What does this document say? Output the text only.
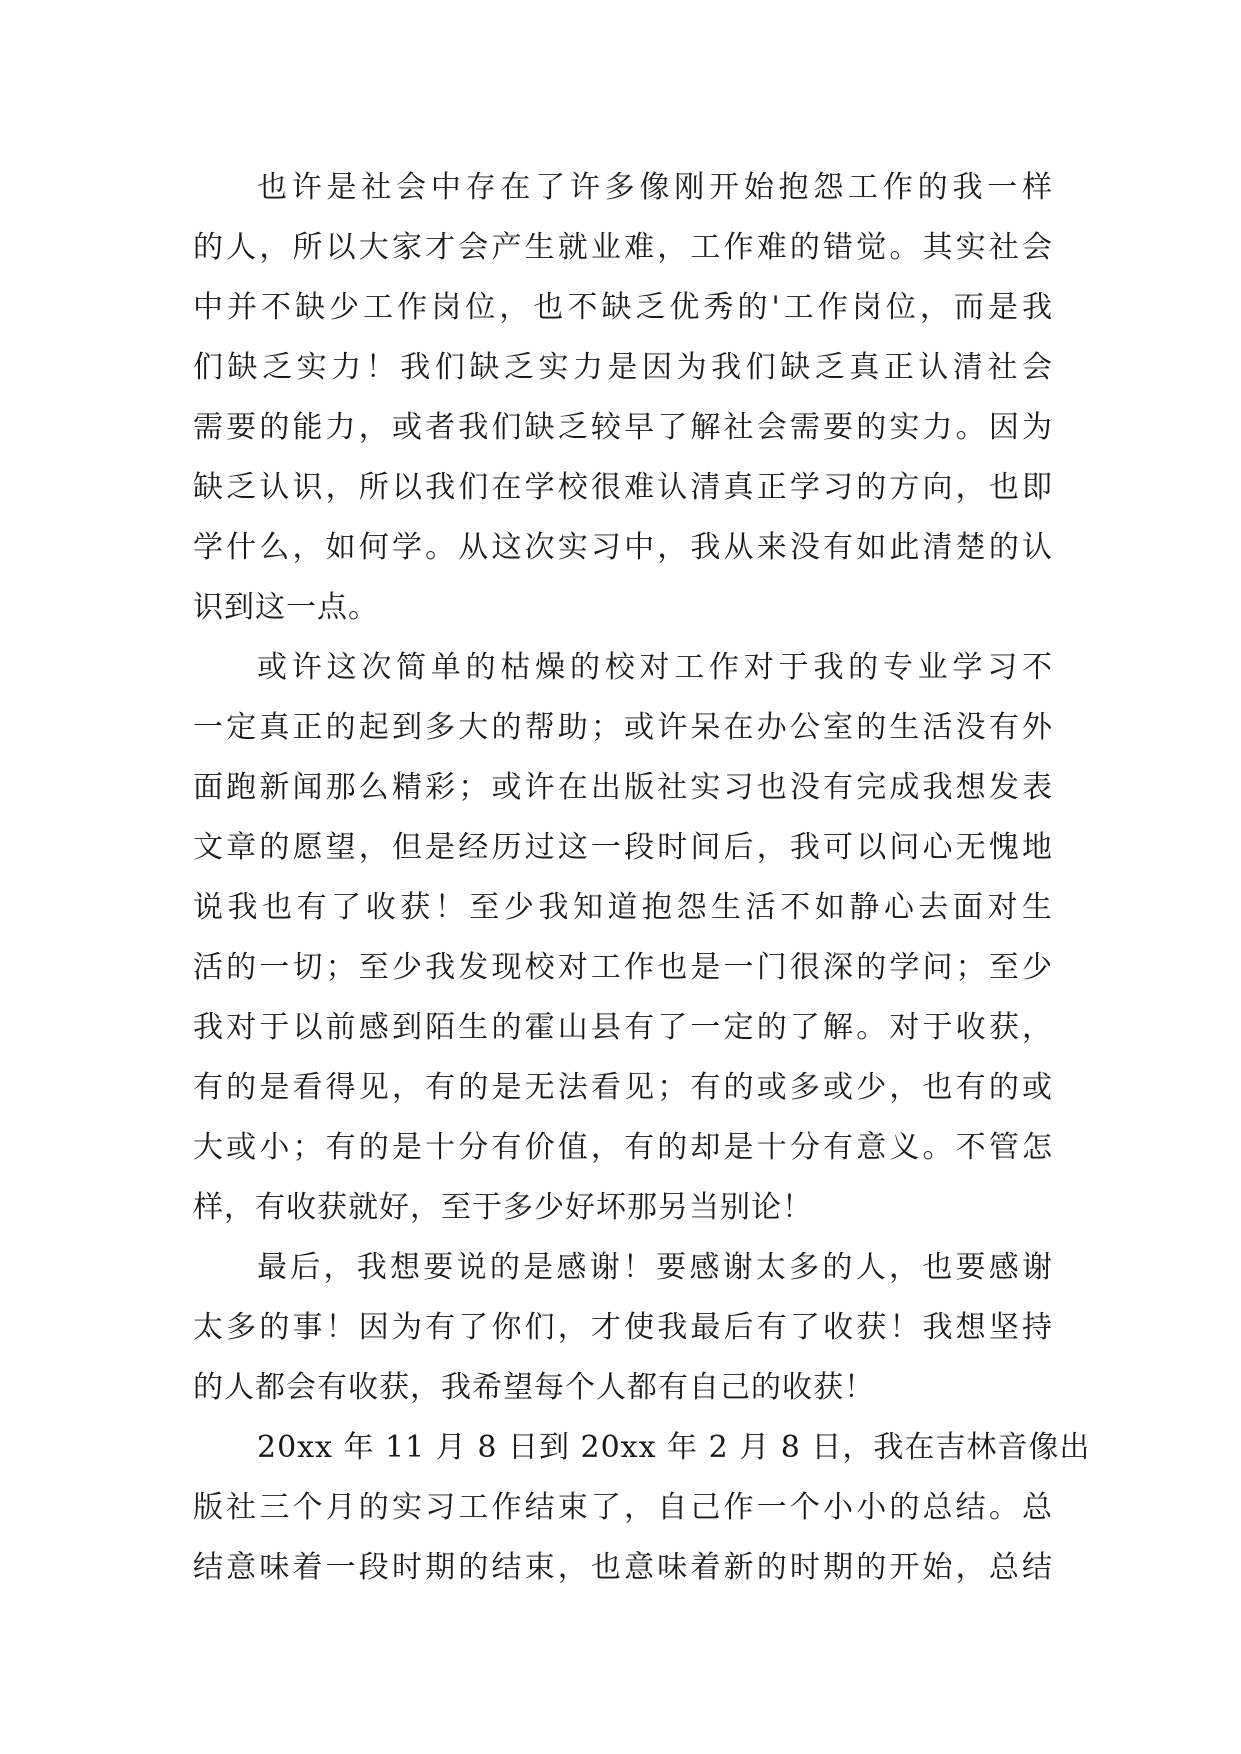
也许是社会中存在了许多像刚开始抱怨工作的我一样
的人，所以大家才会产生就业难，工作难的错觉。其实社会
中并不缺少工作岗位，也不缺乏优秀的'工作岗位，而是我
们缺乏实力！我们缺乏实力是因为我们缺乏真正认清社会
需要的能力，或者我们缺乏较早了解社会需要的实力。因为
缺乏认识，所以我们在学校很难认清真正学习的方向，也即
学什么，如何学。从这次实习中，我从来没有如此清楚的认
识到这一点。
或许这次简单的枯燥的校对工作对于我的专业学习不
一定真正的起到多大的帮助；或许呆在办公室的生活没有外
面跑新闻那么精彩；或许在出版社实习也没有完成我想发表
文章的愿望，但是经历过这一段时间后，我可以问心无愧地
说我也有了收获！至少我知道抱怨生活不如静心去面对生
活的一切；至少我发现校对工作也是一门很深的学问；至少
我对于以前感到陌生的霍山县有了一定的了解。对于收获，
有的是看得见，有的是无法看见；有的或多或少，也有的或
大或小；有的是十分有价值，有的却是十分有意义。不管怎
样，有收获就好，至于多少好坏那另当别论！
最后，我想要说的是感谢！要感谢太多的人，也要感谢
太多的事！因为有了你们，才使我最后有了收获！我想坚持
的人都会有收获，我希望每个人都有自己的收获！
20xx 年 11 月 8 日到 20xx 年 2 月 8 日，我在吉林音像出
版社三个月的实习工作结束了，自己作一个小小的总结。总
结意味着一段时期的结束，也意味着新的时期的开始，总结
